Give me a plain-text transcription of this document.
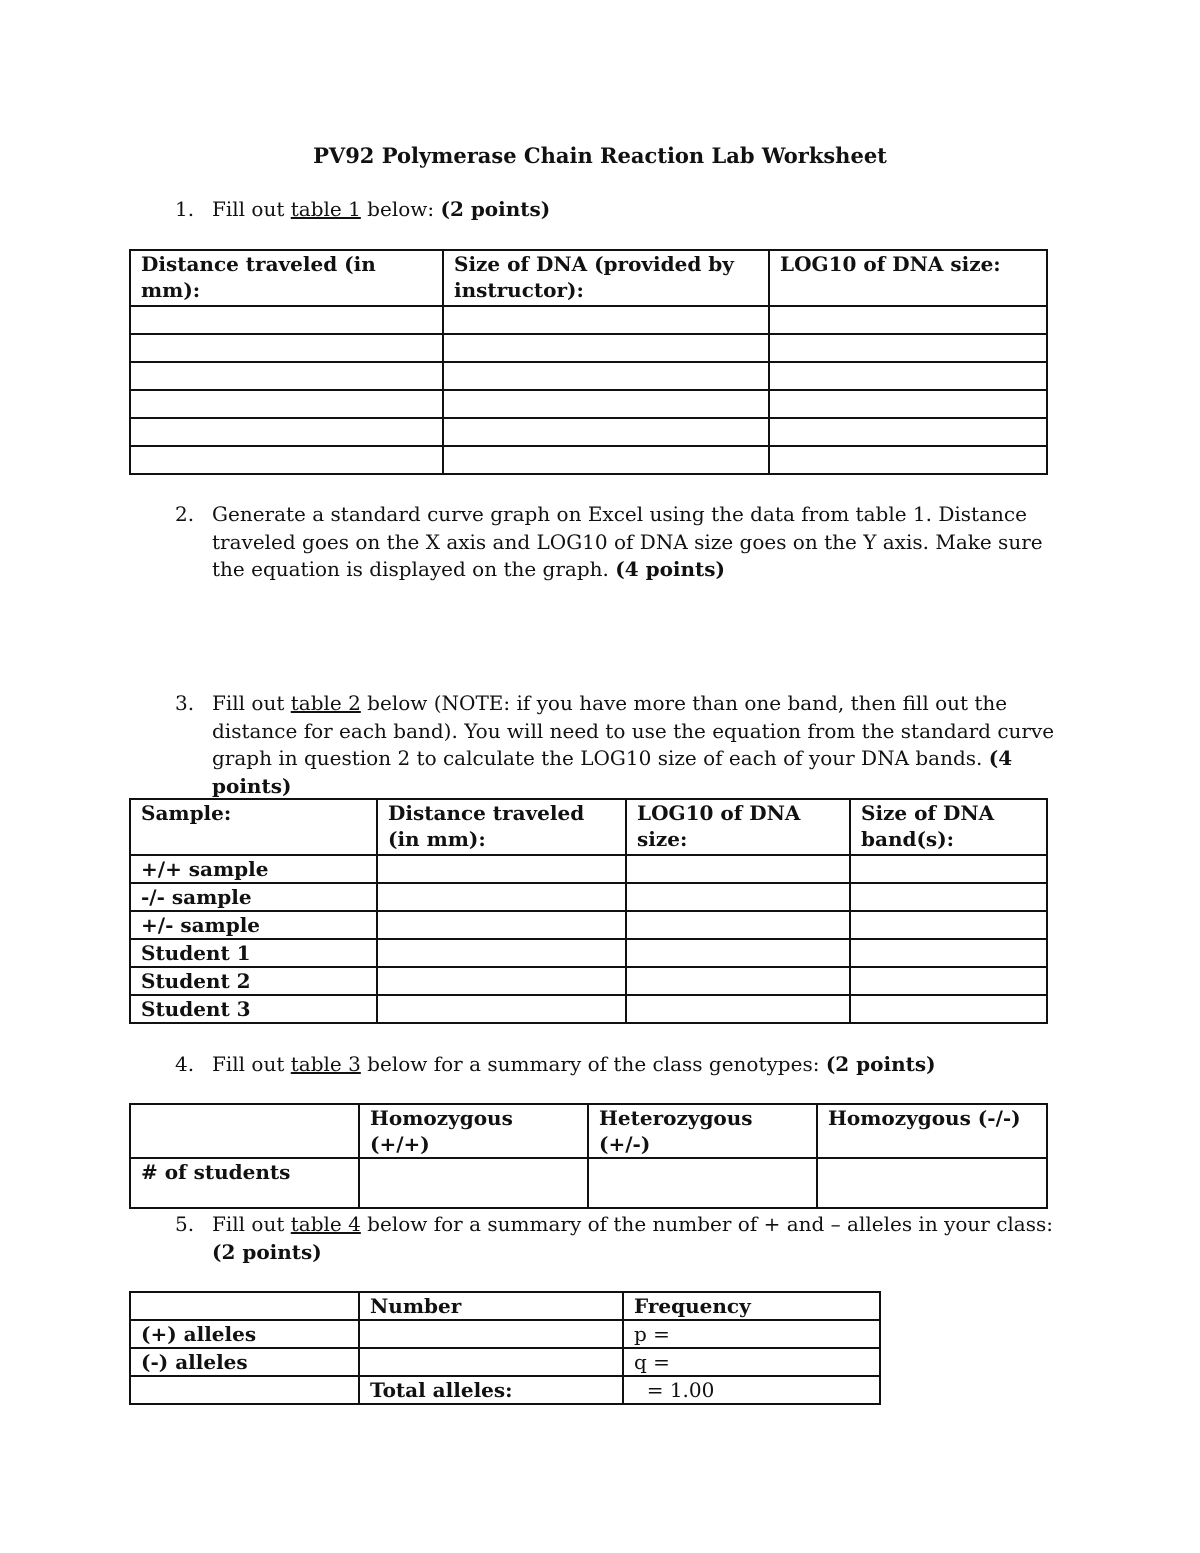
PV92 Polymerase Chain Reaction Lab Worksheet
1. Fill out table 1 below: (2 points)
Distance traveled (in mm):	Size of DNA (provided by instructor):	LOG10 of DNA size:

2. Generate a standard curve graph on Excel using the data from table 1. Distance traveled goes on the X axis and LOG10 of DNA size goes on the Y axis. Make sure the equation is displayed on the graph. (4 points)
3. Fill out table 2 below (NOTE: if you have more than one band, then fill out the distance for each band). You will need to use the equation from the standard curve graph in question 2 to calculate the LOG10 size of each of your DNA bands. (4 points)
Sample:	Distance traveled (in mm):	LOG10 of DNA size:	Size of DNA band(s):
+/+ sample			
-/- sample			
+/- sample			
Student 1			
Student 2			
Student 3			
4. Fill out table 3 below for a summary of the class genotypes: (2 points)
	Homozygous (+/+)	Heterozygous (+/-)	Homozygous (-/-)
# of students			
5. Fill out table 4 below for a summary of the number of + and – alleles in your class:
(2 points)
	Number	Frequency
(+) alleles		p =
(-) alleles		q =
	Total alleles:	= 1.00
